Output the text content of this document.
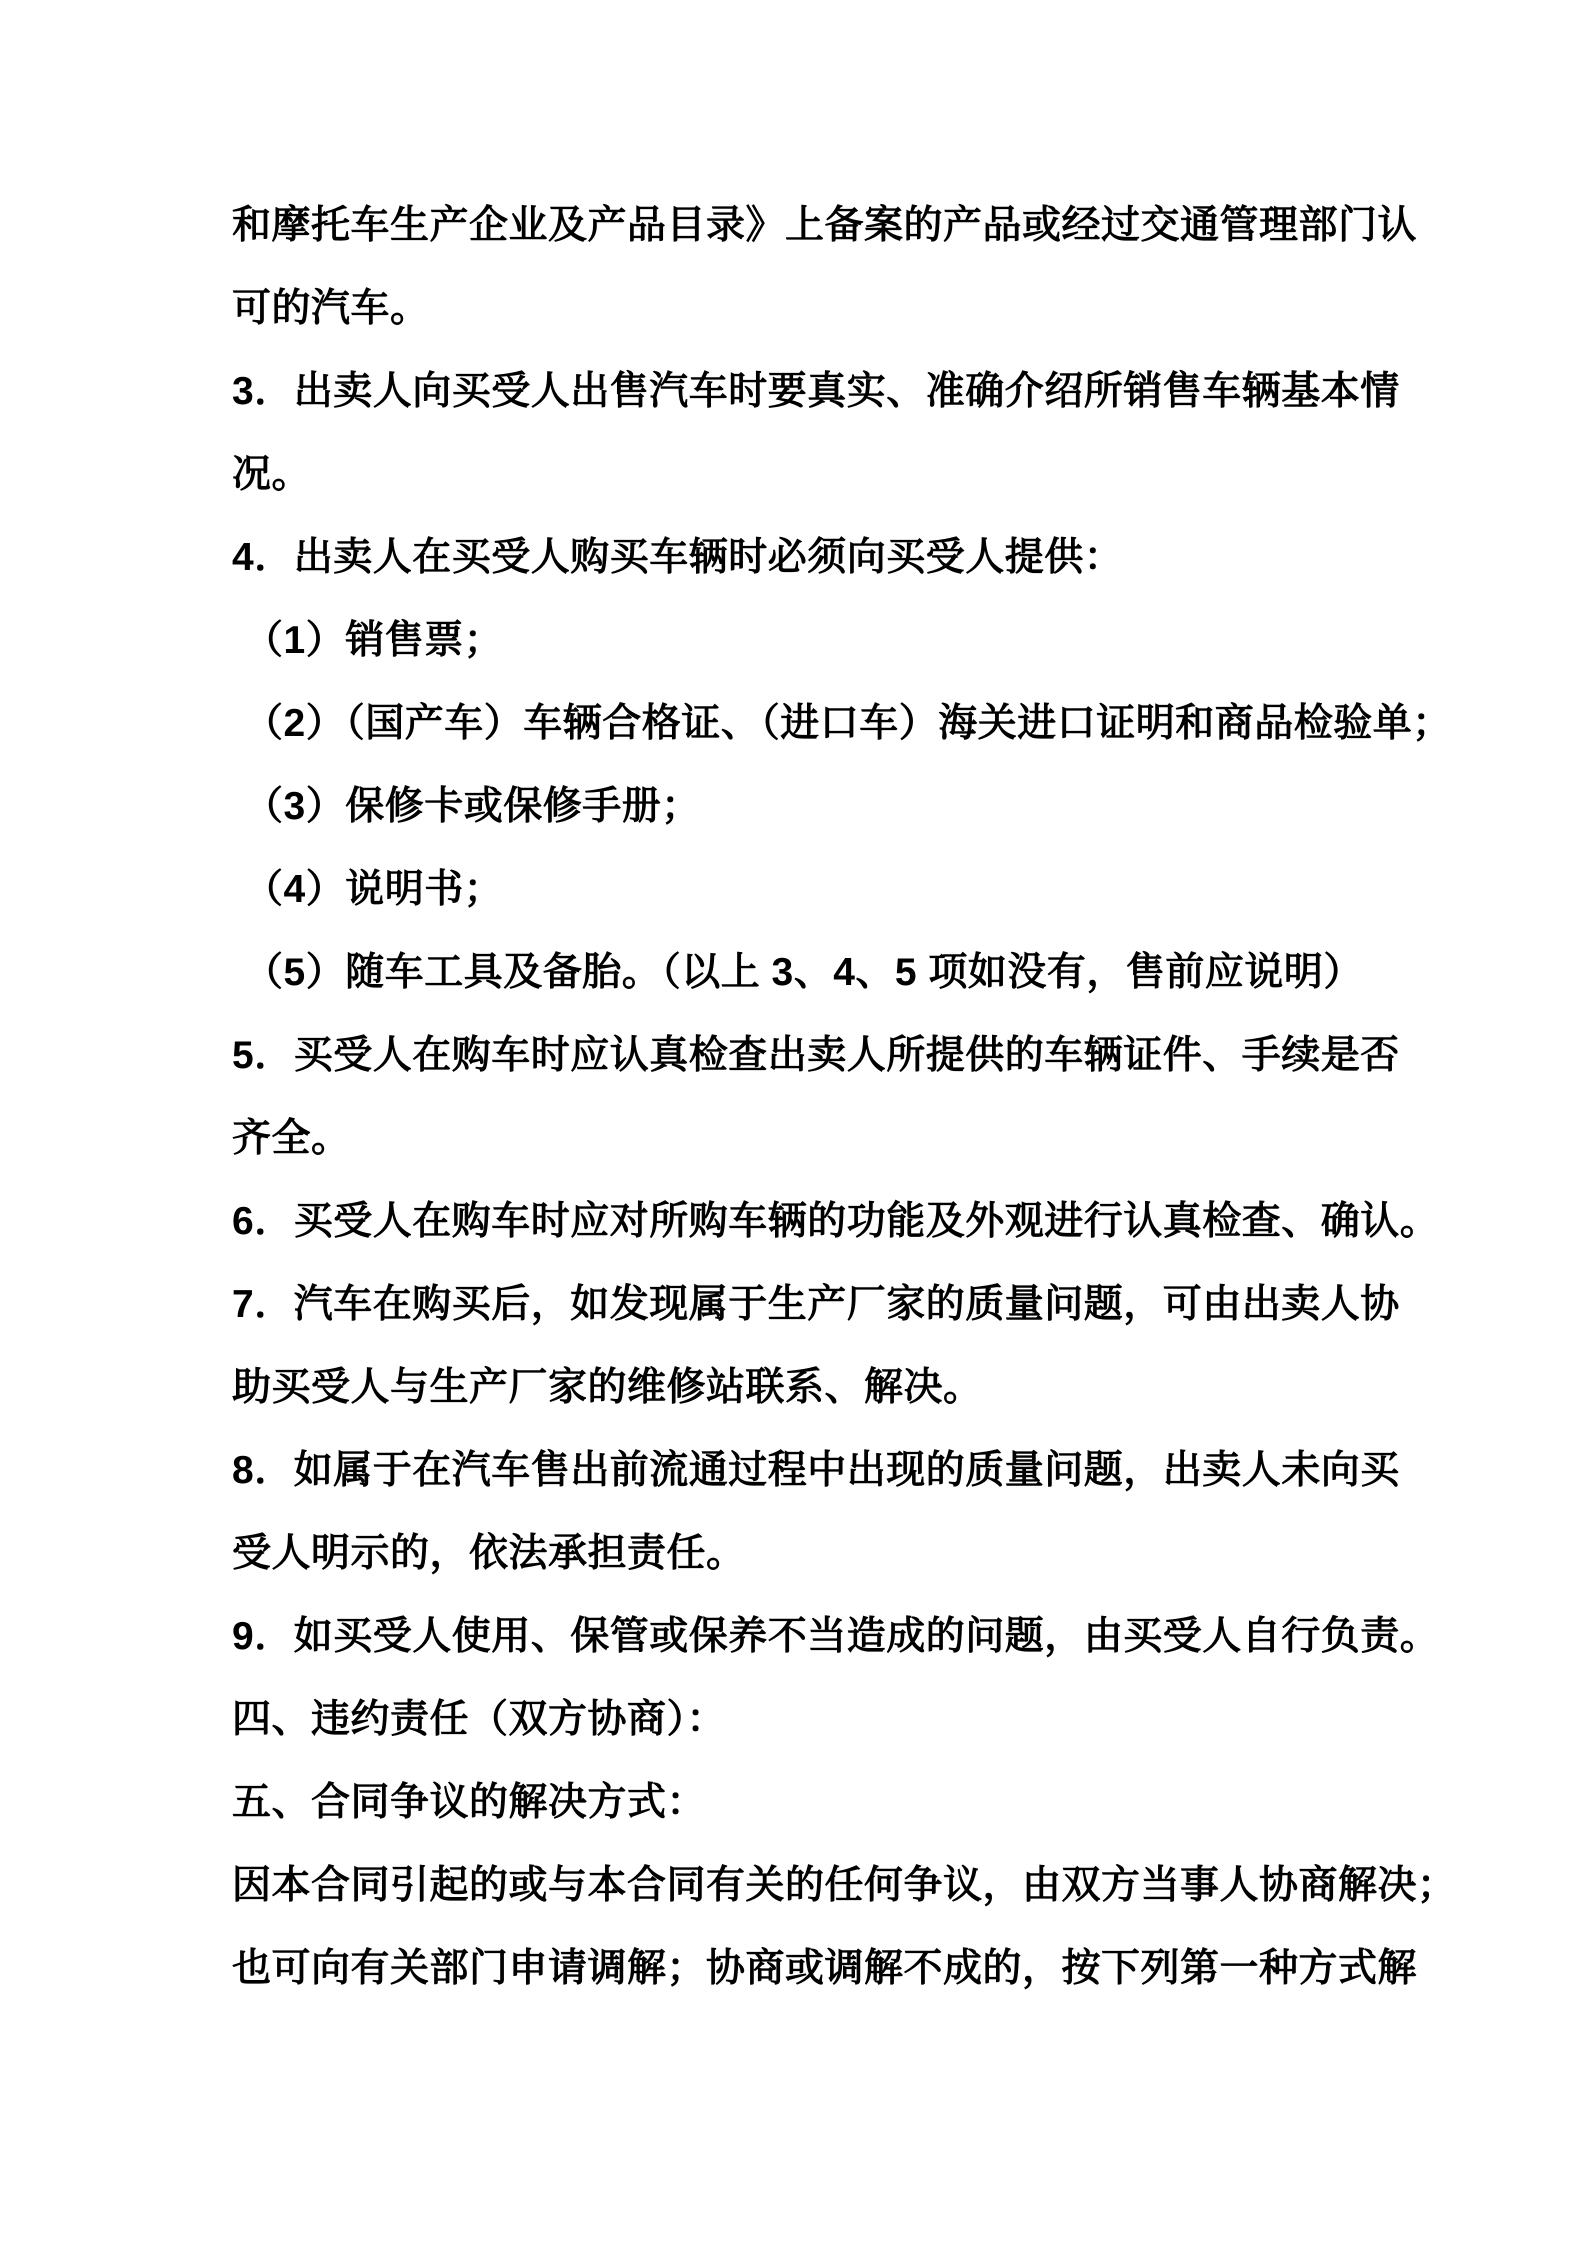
和摩托车生产企业及产品目录》上备案的产品或经过交通管理部门认
可的汽车。
3．出卖人向买受人出售汽车时要真实、准确介绍所销售车辆基本情
况。
4．出卖人在买受人购买车辆时必须向买受人提供：
（1）销售票；
（2）（国产车）车辆合格证、（进口车）海关进口证明和商品检验单；
（3）保修卡或保修手册；
（4）说明书；
（5）随车工具及备胎。（以上 3、4、5 项如没有，售前应说明）
5．买受人在购车时应认真检查出卖人所提供的车辆证件、手续是否
齐全。
6．买受人在购车时应对所购车辆的功能及外观进行认真检查、确认。
7．汽车在购买后，如发现属于生产厂家的质量问题，可由出卖人协
助买受人与生产厂家的维修站联系、解决。
8．如属于在汽车售出前流通过程中出现的质量问题，出卖人未向买
受人明示的，依法承担责任。
9．如买受人使用、保管或保养不当造成的问题，由买受人自行负责。
四、违约责任（双方协商）：
五、合同争议的解决方式：
因本合同引起的或与本合同有关的任何争议，由双方当事人协商解决；
也可向有关部门申请调解；协商或调解不成的，按下列第一种方式解
